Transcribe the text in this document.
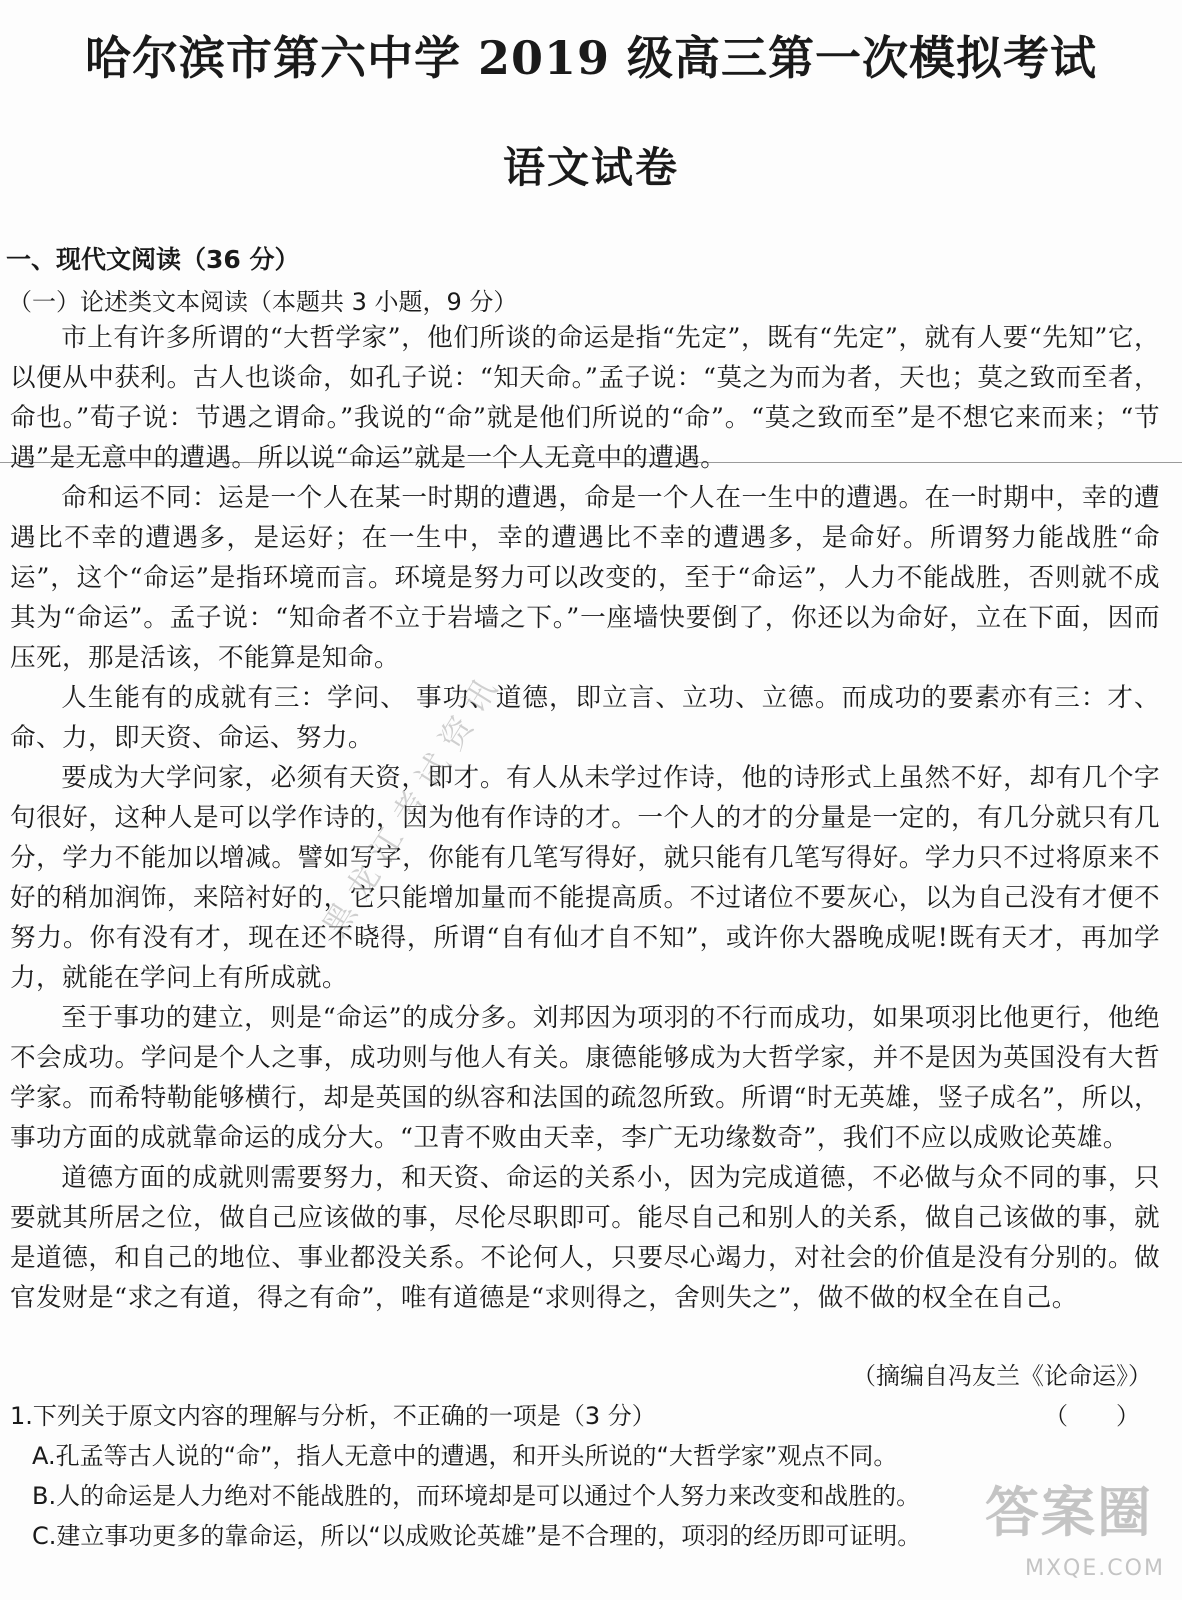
哈尔滨市第六中学 2019 级高三第一次模拟考试
语文试卷
一、现代文阅读（36 分）
（一）论述类文本阅读（本题共 3 小题，9 分）

市上有许多所谓的“大哲学家”，他们所谈的命运是指“先定”，既有“先定”，就有人要“先知”它，以便从中获利。古人也谈命，如孔子说：“知天命。”孟子说：“莫之为而为者，天也；莫之致而至者，命也。”荀子说：节遇之谓命。”我说的“命”就是他们所说的“命”。“莫之致而至”是不想它来而来；“节遇”是无意中的遭遇。所以说“命运”就是一个人无竟中的遭遇。

命和运不同：运是一个人在某一时期的遭遇，命是一个人在一生中的遭遇。在一时期中，幸的遭遇比不幸的遭遇多，是运好；在一生中，幸的遭遇比不幸的遭遇多，是命好。所谓努力能战胜“命运”，这个“命运”是指环境而言。环境是努力可以改变的，至于“命运”，人力不能战胜，否则就不成其为“命运”。孟子说：“知命者不立于岩墙之下。”一座墙快要倒了，你还以为命好，立在下面，因而压死，那是活该，不能算是知命。

人生能有的成就有三：学问、 事功、道德，即立言、立功、立德。而成功的要素亦有三：才、命、力，即天资、命运、努力。

要成为大学问家，必须有天资，即才。有人从未学过作诗，他的诗形式上虽然不好，却有几个字句很好，这种人是可以学作诗的，因为他有作诗的才。一个人的才的分量是一定的，有几分就只有几分，学力不能加以增减。譬如写字，你能有几笔写得好，就只能有几笔写得好。学力只不过将原来不好的稍加润饰，来陪衬好的，它只能增加量而不能提高质。不过诸位不要灰心，以为自己没有才便不努力。你有没有才，现在还不晓得，所谓“自有仙才自不知”，或许你大器晚成呢!既有天才，再加学力，就能在学问上有所成就。

至于事功的建立，则是“命运”的成分多。刘邦因为项羽的不行而成功，如果项羽比他更行，他绝不会成功。学问是个人之事，成功则与他人有关。康德能够成为大哲学家，并不是因为英国没有大哲学家。而希特勒能够横行，却是英国的纵容和法国的疏忽所致。所谓“时无英雄，竖子成名”，所以，事功方面的成就靠命运的成分大。“卫青不败由天幸，李广无功缘数奇”，我们不应以成败论英雄。

道德方面的成就则需要努力，和天资、命运的关系小，因为完成道德，不必做与众不同的事，只要就其所居之位，做自己应该做的事，尽伦尽职即可。能尽自己和别人的关系，做自己该做的事，就是道德，和自己的地位、事业都没关系。不论何人，只要尽心竭力，对社会的价值是没有分别的。做官发财是“求之有道，得之有命”，唯有道德是“求则得之，舍则失之”，做不做的权全在自己。

（摘编自冯友兰《论命运》）
1.下列关于原文内容的理解与分析，不正确的一项是（3 分）	（　　）
A.孔孟等古人说的“命”，指人无意中的遭遇，和开头所说的“大哲学家”观点不同。
B.人的命运是人力绝对不能战胜的，而环境却是可以通过个人努力来改变和战胜的。
C.建立事功更多的靠命运，所以“以成败论英雄”是不合理的，项羽的经历即可证明。
黑龙江考试资讯
答案圈
MXQE.COM
